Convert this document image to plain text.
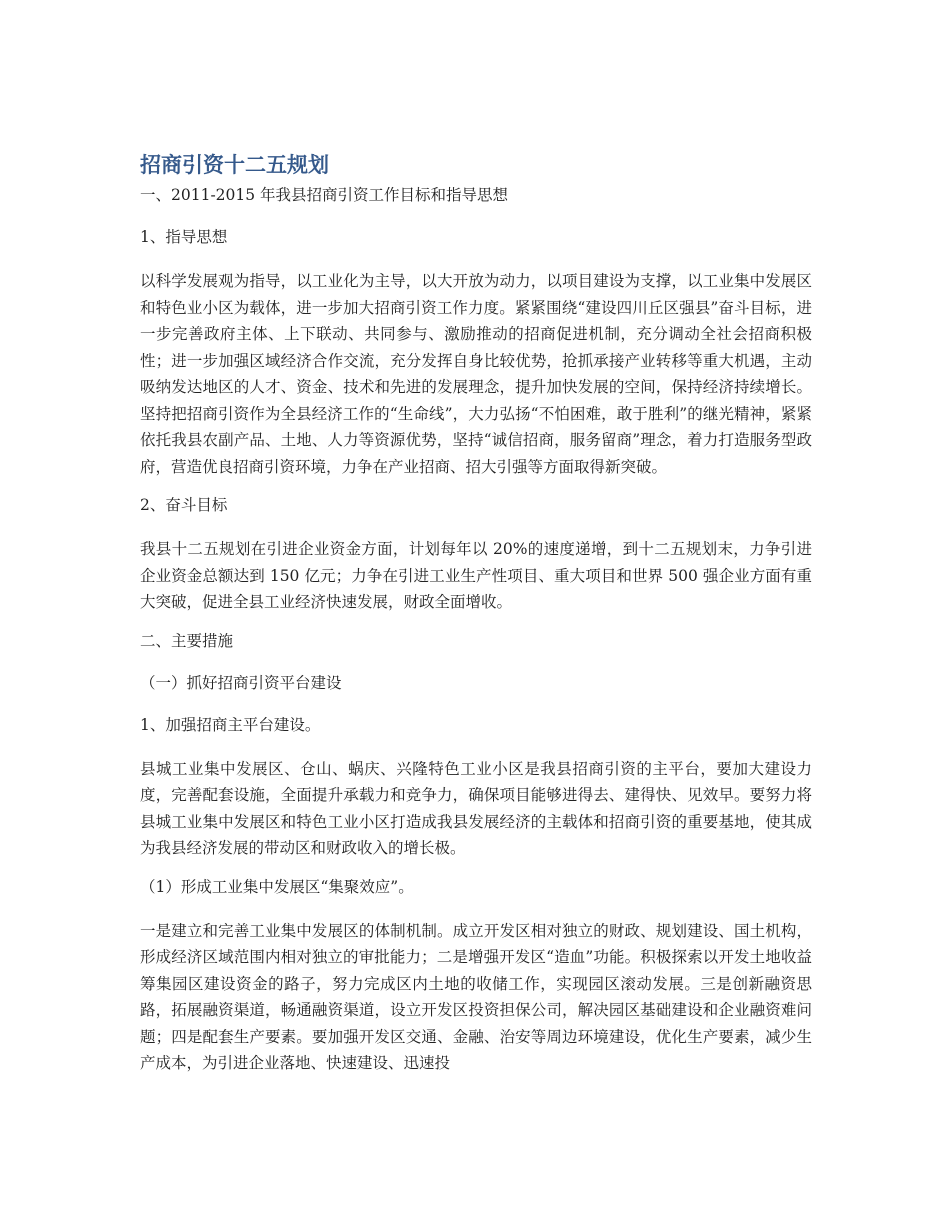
招商引资十二五规划

一、2011-2015 年我县招商引资工作目标和指导思想

1、指导思想

以科学发展观为指导，以工业化为主导，以大开放为动力，以项目建设为支撑，以工业集中发展区和特色业小区为载体，进一步加大招商引资工作力度。紧紧围绕“建设四川丘区强县”奋斗目标，进一步完善政府主体、上下联动、共同参与、激励推动的招商促进机制，充分调动全社会招商积极性；进一步加强区域经济合作交流，充分发挥自身比较优势，抢抓承接产业转移等重大机遇，主动吸纳发达地区的人才、资金、技术和先进的发展理念，提升加快发展的空间，保持经济持续增长。坚持把招商引资作为全县经济工作的“生命线”，大力弘扬“不怕困难，敢于胜利”的继光精神，紧紧依托我县农副产品、土地、人力等资源优势，坚持“诚信招商，服务留商”理念，着力打造服务型政府，营造优良招商引资环境，力争在产业招商、招大引强等方面取得新突破。

2、奋斗目标

我县十二五规划在引进企业资金方面，计划每年以 20%的速度递增，到十二五规划末，力争引进企业资金总额达到 150 亿元；力争在引进工业生产性项目、重大项目和世界 500 强企业方面有重大突破，促进全县工业经济快速发展，财政全面增收。

二、主要措施

（一）抓好招商引资平台建设

1、加强招商主平台建设。

县城工业集中发展区、仓山、蜗庆、兴隆特色工业小区是我县招商引资的主平台，要加大建设力度，完善配套设施，全面提升承载力和竞争力，确保项目能够进得去、建得快、见效早。要努力将县城工业集中发展区和特色工业小区打造成我县发展经济的主载体和招商引资的重要基地，使其成为我县经济发展的带动区和财政收入的增长极。

（1）形成工业集中发展区“集聚效应”。

一是建立和完善工业集中发展区的体制机制。成立开发区相对独立的财政、规划建设、国土机构，形成经济区域范围内相对独立的审批能力；二是增强开发区“造血”功能。积极探索以开发土地收益筹集园区建设资金的路子，努力完成区内土地的收储工作，实现园区滚动发展。三是创新融资思路，拓展融资渠道，畅通融资渠道，设立开发区投资担保公司，解决园区基础建设和企业融资难问题；四是配套生产要素。要加强开发区交通、金融、治安等周边环境建设，优化生产要素，减少生产成本，为引进企业落地、快速建设、迅速投
